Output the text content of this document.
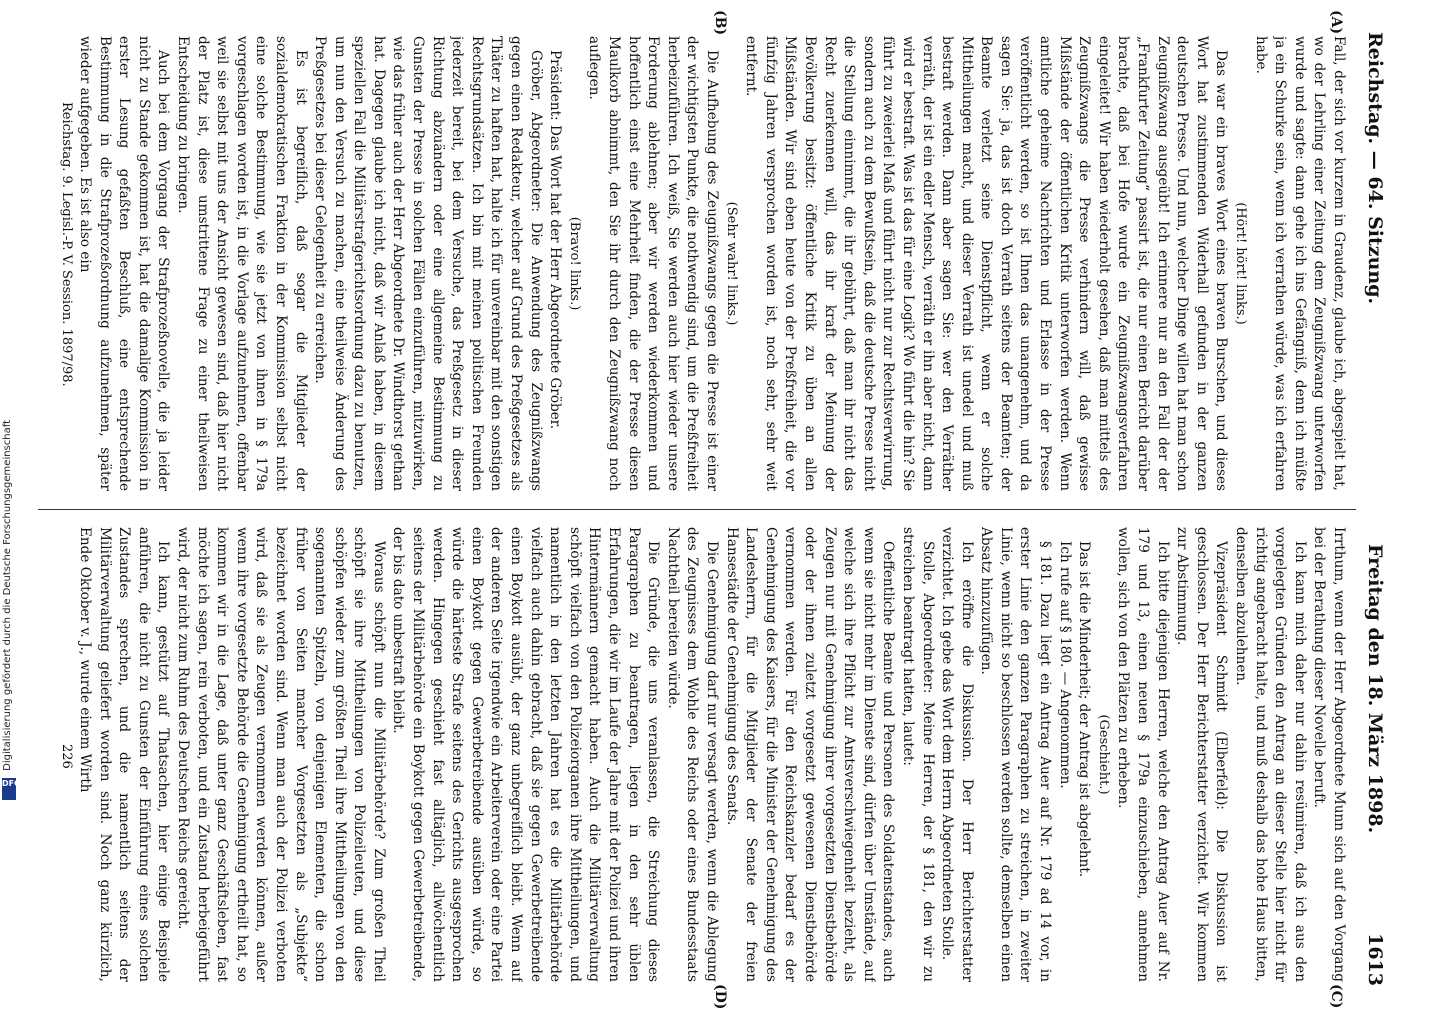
Reichstag. — 64. Sitzung.
Freitag den 18. März 1898.
1613
(A)
(B)
(C)
(D)

Fall, der sich vor kurzem in Graudenz, glaube ich, abgespielt hat, wo der Lehrling einer Zeitung dem Zeugnißzwang unterworfen wurde und sagte: dann gehe ich ins Gefängniß, denn ich müßte ja ein Schurke sein, wenn ich verrathen würde, was ich erfahren habe.

(Hört! hört! links.)

Das war ein braves Wort eines braven Burschen, und dieses Wort hat zustimmenden Widerhall gefunden in der ganzen deutschen Presse. Und nun, welcher Dinge willen hat man schon Zeugnißzwang ausgeübt! Ich erinnere nur an den Fall der der „Frankfurter Zeitung“ passirt ist, die nur einen Bericht darüber brachte, daß bei Hofe wurde ein Zeugnißzwangsverfahren eingeleitet! Wir haben wiederholt gesehen, daß man mittels des Zeugnißzwangs die Presse verhindern will, daß gewisse Mißstände der öffentlichen Kritik unterworfen werden. Wenn amtliche geheime Nachrichten und Erlasse in der Presse veröffentlicht werden, so ist Ihnen das unangenehm, und da sagen Sie: ja, das ist doch Verrath seitens der Beamten; der Beamte verletzt seine Dienstpflicht, wenn er solche Mittheilungen macht, und dieser Verrath ist unedel und muß bestraft werden. Dann aber sagen Sie: wer den Verräther verräth, der ist ein edler Mensch, verräth er ihn aber nicht, dann wird er bestraft. Was ist das für eine Logik? Wo führt die hin? Sie führt zu zweierlei Maß und führt nicht nur zur Rechtsverwirrung, sondern auch zu dem Bewußtsein, daß die deutsche Presse nicht die Stellung einnimmt, die ihr gebührt, daß man ihr nicht das Recht zuerkennen will, das ihr kraft der Meinung der Bevölkerung besitzt: öffentliche Kritik zu üben an allen Mißständen. Wir sind eben heute von der Preßfreiheit, die vor fünfzig Jahren versprochen worden ist, noch sehr, sehr weit entfernt.

(Sehr wahr! links.)

Die Aufhebung des Zeugnißzwangs gegen die Presse ist einer der wichtigsten Punkte, die nothwendig sind, um die Preßfreiheit herbeizuführen. Ich weiß, Sie werden auch hier wieder unsere Forderung ablehnen; aber wir werden wiederkommen und hoffentlich einst eine Mehrheit finden, die der Presse diesen Maulkorb abnimmt, den Sie ihr durch den Zeugnißzwang noch auflegen.

(Bravo! links.)

Präsident: Das Wort hat der Herr Abgeordnete Gröber.

Gröber, Abgeordneter: Die Anwendung des Zeugnißzwangs gegen einen Redakteur, welcher auf Grund des Preßgesetzes als Thäter zu haften hat, halte ich für unvereinbar mit den sonstigen Rechtsgrundsätzen. Ich bin mit meinen politischen Freunden jederzeit bereit, bei dem Versuche, das Preßgesetz in dieser Richtung abzuändern oder eine allgemeine Bestimmung zu Gunsten der Presse in solchen Fällen einzuführen, mitzuwirken, wie das früher auch der Herr Abgeordnete Dr. Windthorst gethan hat. Dagegen glaube ich nicht, daß wir Anlaß haben, in diesem speziellen Fall die Militärstrafgerichtsordnung dazu zu benutzen, um nun den Versuch zu machen, eine theilweise Änderung des Preßgesetzes bei dieser Gelegenheit zu erreichen.

Es ist begreiflich, daß sogar die Mitglieder der sozialdemokratischen Fraktion in der Kommission selbst nicht eine solche Bestimmung, wie sie jetzt von ihnen in § 179a vorgeschlagen worden ist, in die Vorlage aufzunehmen, offenbar weil sie selbst mit uns der Ansicht gewesen sind, daß hier nicht der Platz ist, diese umstrittene Frage zu einer theilweisen Entscheidung zu bringen.

Auch bei dem Vorgang der Strafprozeßnovelle, die ja leider nicht zu Stande gekommen ist, hat die damalige Kommission in erster Lesung gefaßten Beschluß, eine entsprechende Bestimmung in die Strafprozeßordnung aufzunehmen, später wieder aufgegeben. Es ist also ein

Irrthum, wenn der Herr Abgeordnete Munn sich auf den Vorgang bei der Berathung dieser Novelle beruft.

Ich kann mich daher nur dahin resümiren, daß ich aus den vorgelegten Gründen den Antrag an dieser Stelle hier nicht für richtig angebracht halte, und muß deshalb das hohe Haus bitten, denselben abzulehnen.

Vizepräsident Schmidt (Elberfeld): Die Diskussion ist geschlossen. Der Herr Berichterstatter verzichtet. Wir kommen zur Abstimmung.

Ich bitte diejenigen Herren, welche den Antrag Auer auf Nr. 179 und 13, einen neuen § 179a einzuschieben, annehmen wollen, sich von den Plätzen zu erheben.

(Geschieht.)

Das ist die Minderheit; der Antrag ist abgelehnt.

Ich rufe auf § 180. — Angenommen.

§ 181. Dazu liegt ein Antrag Auer auf Nr. 179 ad 14 vor, in erster Linie den ganzen Paragraphen zu streichen, in zweiter Linie, wenn nicht so beschlossen werden sollte, demselben einen Absatz hinzuzufügen.

Ich eröffne die Diskussion. Der Herr Berichterstatter verzichtet. Ich gebe das Wort dem Herrn Abgeordneten Stolle.

Stolle, Abgeordneter: Meine Herren, der § 181, den wir zu streichen beantragt hatten, lautet:

Oeffentliche Beamte und Personen des Soldatenstandes, auch wenn sie nicht mehr im Dienste sind, dürfen über Umstände, auf welche sich ihre Pflicht zur Amtsverschwiegenheit bezieht, als Zeugen nur mit Genehmigung ihrer vorgesetzten Dienstbehörde oder der ihnen zuletzt vorgesetzt gewesenen Dienstbehörde vernommen werden. Für den Reichskanzler bedarf es der Genehmigung des Kaisers, für die Minister der Genehmigung des Landesherrn, für die Mitglieder der Senate der freien Hansestädte der Genehmigung des Senats.

Die Genehmigung darf nur versagt werden, wenn die Ablegung des Zeugnisses dem Wohle des Reichs oder eines Bundesstaats Nachtheil bereiten würde.

Die Gründe, die uns veranlassen, die Streichung dieses Paragraphen zu beantragen, liegen in den sehr üblen Erfahrungen, die wir im Laufe der Jahre mit der Polizei und ihren Hintermännern gemacht haben. Auch die Militärverwaltung schöpft vielfach von den Polizeiorganen ihre Mittheilungen, und namentlich in den letzten Jahren hat es die Militärbehörde vielfach auch dahin gebracht, daß sie gegen Gewerbetreibende einen Boykott ausübt, der ganz unbegreiflich bleibt. Wenn auf der anderen Seite irgendwie ein Arbeiterverein oder eine Partei einen Boykott gegen Gewerbetreibende ausüben würde, so würde die härteste Strafe seitens des Gerichts ausgesprochen werden. Hingegen geschieht fast alltäglich, allwöchentlich seitens der Militärbehörde ein Boykott gegen Gewerbetreibende, der bis dato unbestraft bleibt.

Woraus schöpft nun die Militärbehörde? Zum großen Theil schöpft sie ihre Mittheilungen von Polizeileuten, und diese schöpfen wieder zum größten Theil ihre Mittheilungen von den sogenannten Spitzeln, von denjenigen Elementen, die schon früher von Seiten mancher Vorgesetzten als „Subjekte“ bezeichnet worden sind. Wenn man auch der Polizei verboten wird, daß sie als Zeugen vernommen werden können, außer wenn ihre vorgesetzte Behörde die Genehmigung ertheilt hat, so kommen wir in die Lage, daß unter ganz Geschäftsleben, fast möchte ich sagen, rein verboten, und ein Zustand herbeigeführt wird, der nicht zum Ruhm des Deutschen Reichs gereicht.

Ich kann, gestützt auf Thatsachen, hier einige Beispiele anführen, die nicht zu Gunsten der Einführung eines solchen Zustandes sprechen, und die namentlich seitens der Militärverwaltung geliefert worden sind. Noch ganz kürzlich, Ende Oktober v. J., wurde einem Wirth

Reichstag. 9. Legisl.-P. V. Session. 1897/98.
226
Digitalisierung gefördert durch die Deutsche Forschungsgemeinschaft
DFG
